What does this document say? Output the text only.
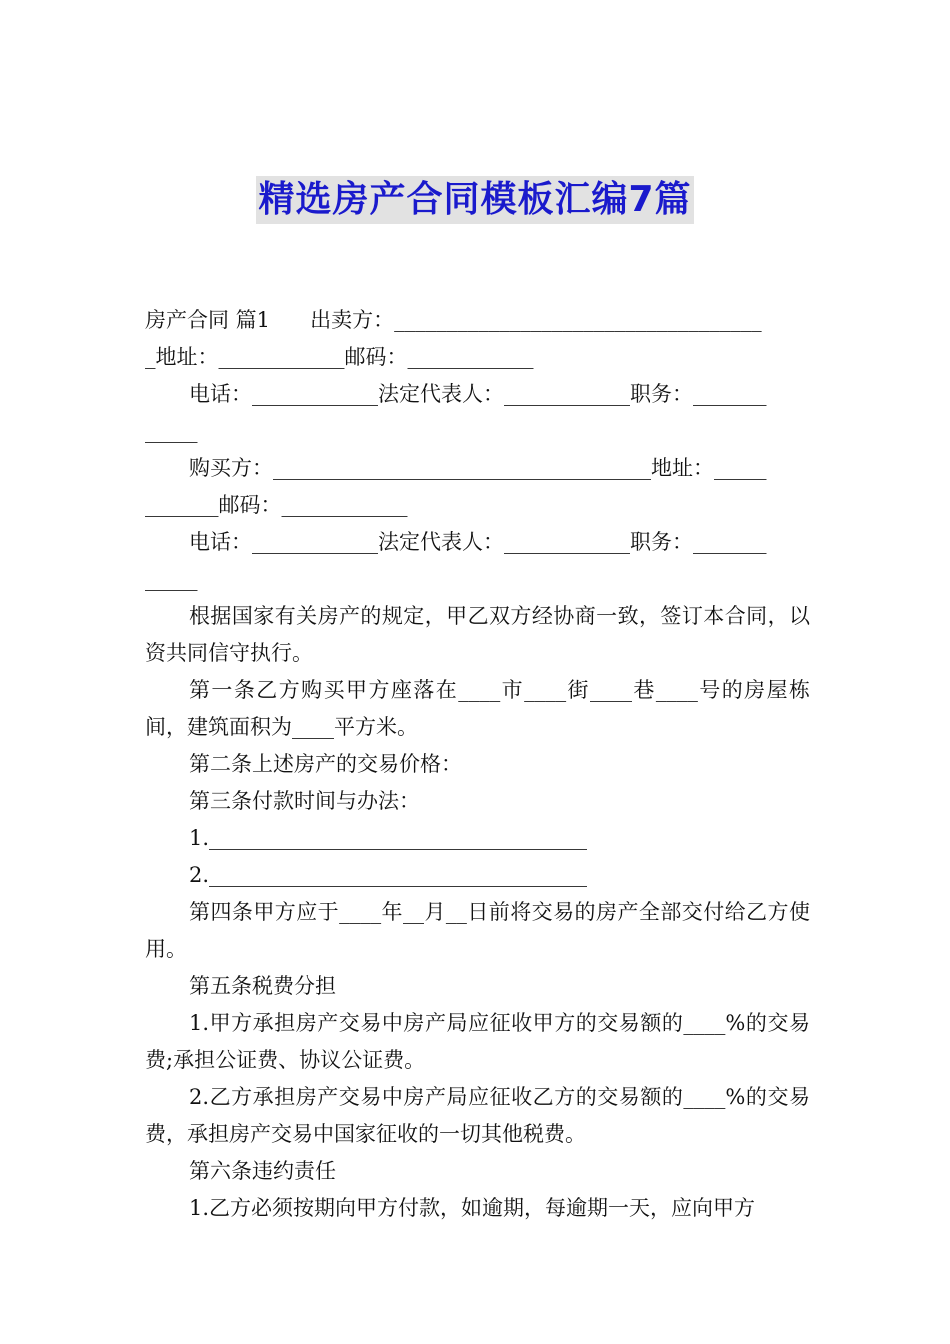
精选房产合同模板汇编7篇

房产合同 篇1      出卖方：___________________________________

_地址：____________邮码：____________

电话：____________法定代表人：____________职务：_______

_____

购买方：____________________________________地址：_____

_______邮码：____________

电话：____________法定代表人：____________职务：_______

_____

根据国家有关房产的规定，甲乙双方经协商一致，签订本合同，以资共同信守执行。

第一条乙方购买甲方座落在____市____街____巷____号的房屋栋间，建筑面积为____平方米。

第二条上述房产的交易价格：

第三条付款时间与办法：

1.____________________________________

2.____________________________________

第四条甲方应于____年__月__日前将交易的房产全部交付给乙方使用。

第五条税费分担

1.甲方承担房产交易中房产局应征收甲方的交易额的____%的交易费;承担公证费、协议公证费。

2.乙方承担房产交易中房产局应征收乙方的交易额的____%的交易费，承担房产交易中国家征收的一切其他税费。

第六条违约责任

1.乙方必须按期向甲方付款，如逾期，每逾期一天，应向甲方
